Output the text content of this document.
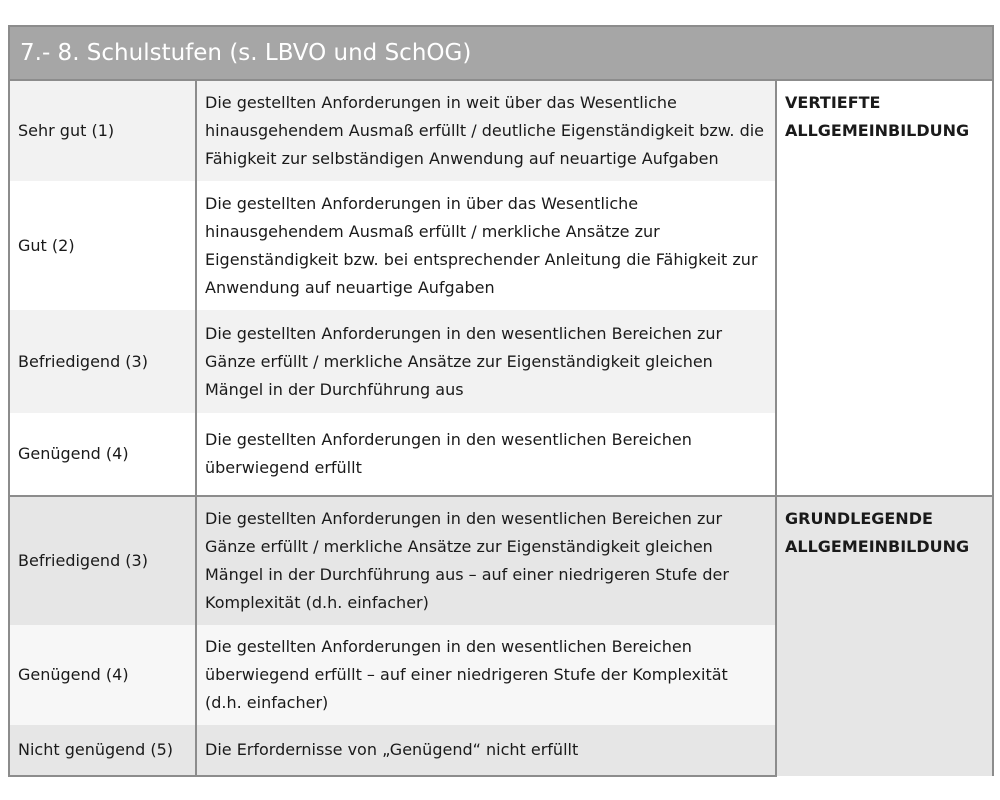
7.- 8. Schulstufen (s. LBVO und SchOG)		
Sehr gut (1)	Die gestellten Anforderungen in weit über das Wesentliche hinausgehendem Ausmaß erfüllt / deutliche Eigenständigkeit bzw. die Fähigkeit zur selbständigen Anwendung auf neuartige Aufgaben	VERTIEFTE ALLGEMEINBILDUNG
Gut (2)	Die gestellten Anforderungen in über das Wesentliche hinausgehendem Ausmaß erfüllt / merkliche Ansätze zur Eigenständigkeit bzw. bei entsprechender Anleitung die Fähigkeit zur Anwendung auf neuartige Aufgaben	
Befriedigend (3)	Die gestellten Anforderungen in den wesentlichen Bereichen zur Gänze erfüllt / merkliche Ansätze zur Eigenständigkeit gleichen Mängel in der Durchführung aus	
Genügend (4)	Die gestellten Anforderungen in den wesentlichen Bereichen überwiegend erfüllt	
Befriedigend (3)	Die gestellten Anforderungen in den wesentlichen Bereichen zur Gänze erfüllt / merkliche Ansätze zur Eigenständigkeit gleichen Mängel in der Durchführung aus – auf einer niedrigeren Stufe der Komplexität (d.h. einfacher)	GRUNDLEGENDE ALLGEMEINBILDUNG
Genügend (4)	Die gestellten Anforderungen in den wesentlichen Bereichen überwiegend erfüllt – auf einer niedrigeren Stufe der Komplexität (d.h. einfacher)	
Nicht genügend (5)	Die Erfordernisse von „Genügend“ nicht erfüllt	
